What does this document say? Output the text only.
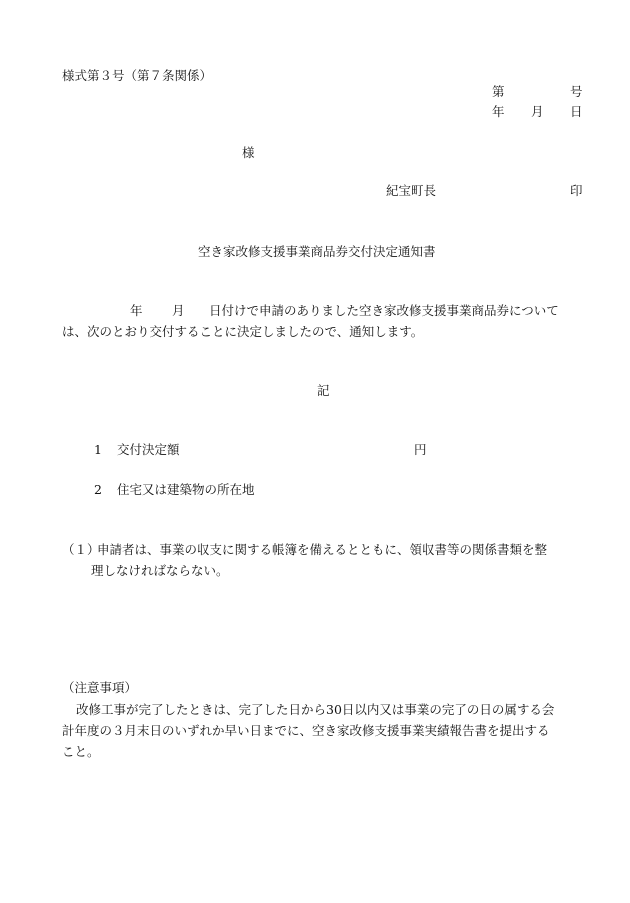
様式第３号（第７条関係）
第	号
年 月 日
様
紀宝町長	印
空き家改修支援事業商品券交付決定通知書
年 月 日付けで申請のありました空き家改修支援事業商品券について
は、次のとおり交付することに決定しましたので、通知します。
記
1 交付決定額	円
2 住宅又は建築物の所在地
（１）
申請者は、事業の収支に関する帳簿を備えるとともに、領収書等の関係書類を整
理しなければならない。
（注意事項）
改修工事が完了したときは、完了した日から30日以内又は事業の完了の日の属する会
計年度の３月末日のいずれか早い日までに、空き家改修支援事業実績報告書を提出する
こと。
